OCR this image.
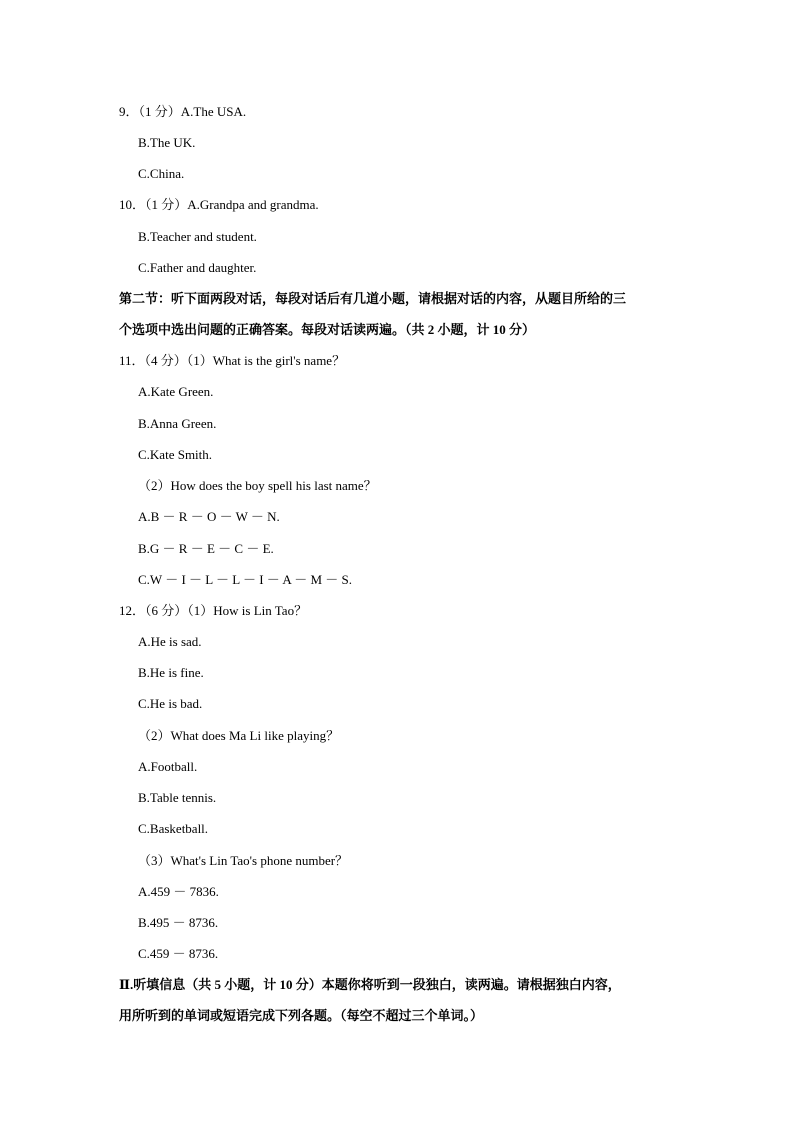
9．（1 分）A.The USA.
B.The UK.
C.China.
10．（1 分）A.Grandpa and grandma.
B.Teacher and student.
C.Father and daughter.
第二节：听下面两段对话，每段对话后有几道小题，请根据对话的内容，从题目所给的三
个选项中选出问题的正确答案。每段对话读两遍。（共 2 小题，计 10 分）
11．（4 分）（1）What is the girl's name？
A.Kate Green.
B.Anna Green.
C.Kate Smith.
（2）How does the boy spell his last name？
A.B － R － O － W － N.
B.G － R － E － C － E.
C.W － I － L － L － I － A － M － S.
12．（6 分）（1）How is Lin Tao？
A.He is sad.
B.He is fine.
C.He is bad.
（2）What does Ma Li like playing？
A.Football.
B.Table tennis.
C.Basketball.
（3）What's Lin Tao's phone number？
A.459 － 7836.
B.495 － 8736.
C.459 － 8736.
Ⅱ.听填信息（共 5 小题，计 10 分）本题你将听到一段独白，读两遍。请根据独白内容，
用所听到的单词或短语完成下列各题。（每空不超过三个单词。）
